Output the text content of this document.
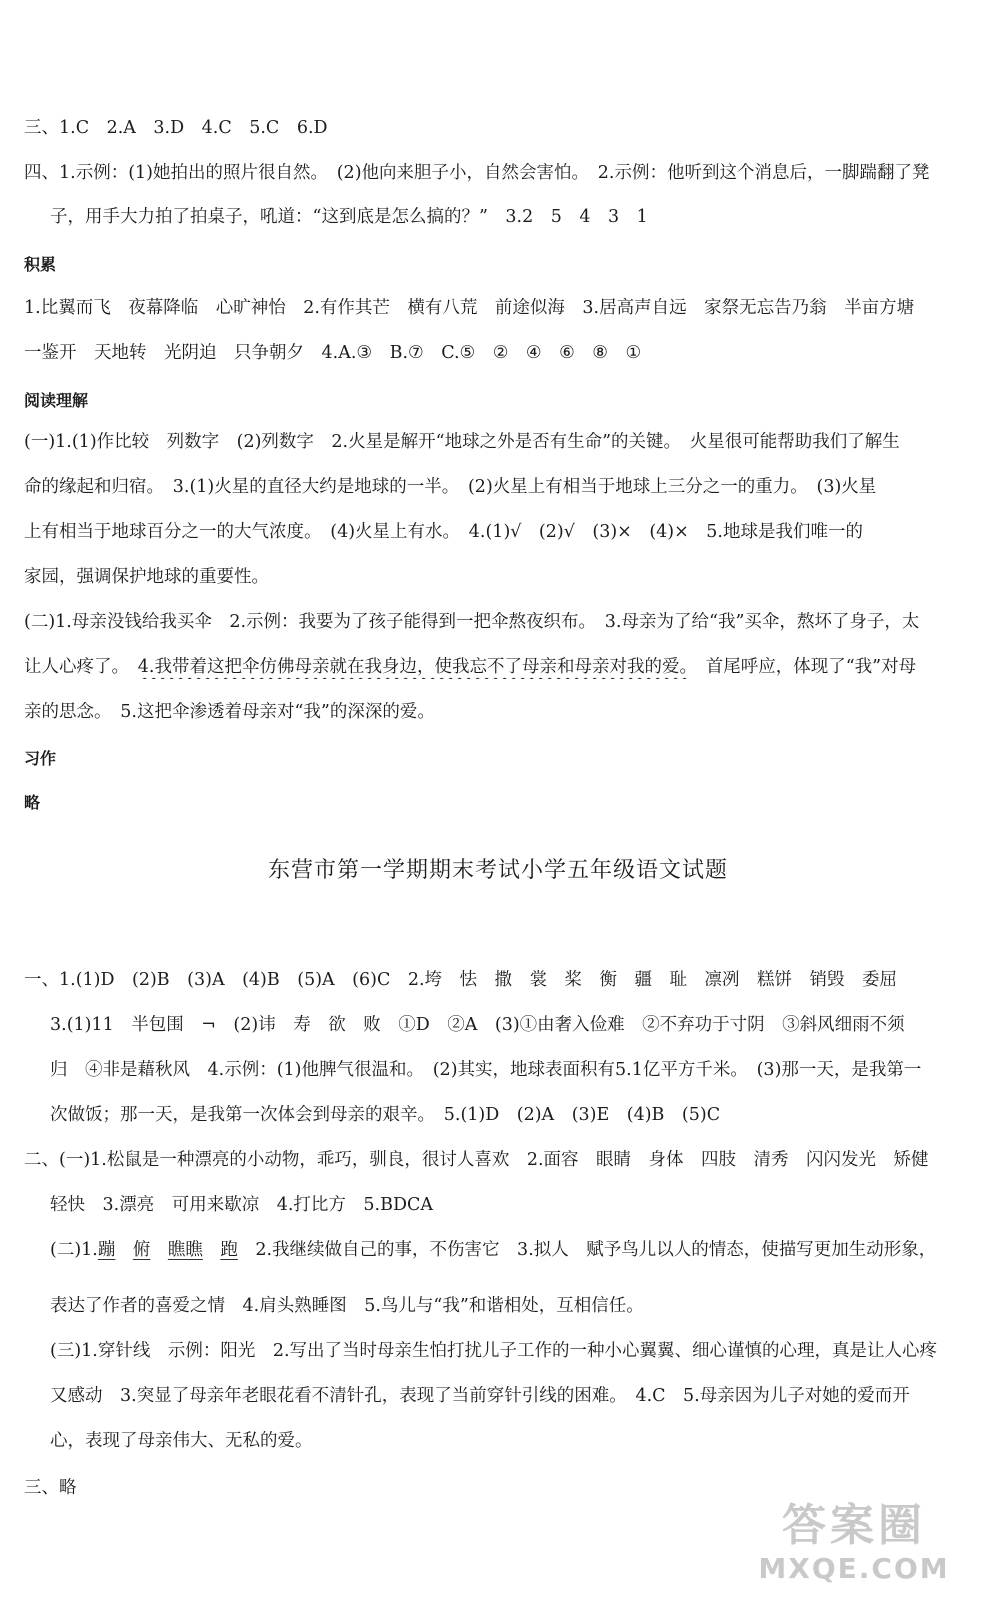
三、1.C　2.A　3.D　4.C　5.C　6.D
四、1.示例：(1)她拍出的照片很自然。　(2)他向来胆子小，自然会害怕。　2.示例：他听到这个消息后，一脚踹翻了凳
子，用手大力拍了拍桌子，吼道：“这到底是怎么搞的？”　3.2　5　4　3　1
积累
1.比翼而飞　夜幕降临　心旷神怡　2.有作其芒　横有八荒　前途似海　3.居高声自远　家祭无忘告乃翁　半亩方塘
一鉴开　天地转　光阴迫　只争朝夕　4.A.③　B.⑦　C.⑤　②　④　⑥　⑧　①
阅读理解
(一)1.(1)作比较　列数字　(2)列数字　2.火星是解开“地球之外是否有生命”的关键。　火星很可能帮助我们了解生
命的缘起和归宿。　3.(1)火星的直径大约是地球的一半。　(2)火星上有相当于地球上三分之一的重力。　(3)火星
上有相当于地球百分之一的大气浓度。　(4)火星上有水。　4.(1)√　(2)√　(3)×　(4)×　5.地球是我们唯一的
家园，强调保护地球的重要性。
(二)1.母亲没钱给我买伞　2.示例：我要为了孩子能得到一把伞熬夜织布。　3.母亲为了给“我”买伞，熬坏了身子，太
让人心疼了。　4.我带着这把伞仿佛母亲就在我身边，使我忘不了母亲和母亲对我的爱。　首尾呼应，体现了“我”对母
亲的思念。　5.这把伞渗透着母亲对“我”的深深的爱。
习作
略
东营市第一学期期末考试小学五年级语文试题
一、1.(1)D　(2)B　(3)A　(4)B　(5)A　(6)C　2.垮　怯　撒　裳　桨　衡　疆　耻　凛冽　糕饼　销毁　委屈
3.(1)11　半包围　¬　(2)讳　寿　欲　败　①D　②A　(3)①由奢入俭难　②不弃功于寸阴　③斜风细雨不须
归　④非是藉秋风　4.示例：(1)他脾气很温和。　(2)其实，地球表面积有5.1亿平方千米。　(3)那一天，是我第一
次做饭；那一天，是我第一次体会到母亲的艰辛。　5.(1)D　(2)A　(3)E　(4)B　(5)C
二、(一)1.松鼠是一种漂亮的小动物，乖巧，驯良，很讨人喜欢　2.面容　眼睛　身体　四肢　清秀　闪闪发光　矫健
轻快　3.漂亮　可用来歇凉　4.打比方　5.BDCA
(二)1.蹦　 俯　 瞧瞧　 跑　2.我继续做自己的事，不伤害它　3.拟人　赋予鸟儿以人的情态，使描写更加生动形象，
表达了作者的喜爱之情　4.肩头熟睡图　5.鸟儿与“我”和谐相处，互相信任。
(三)1.穿针线　示例：阳光　2.写出了当时母亲生怕打扰儿子工作的一种小心翼翼、细心谨慎的心理，真是让人心疼
又感动　3.突显了母亲年老眼花看不清针孔，表现了当前穿针引线的困难。　4.C　5.母亲因为儿子对她的爱而开
心，表现了母亲伟大、无私的爱。
三、略
答案圈
MXQE.COM
